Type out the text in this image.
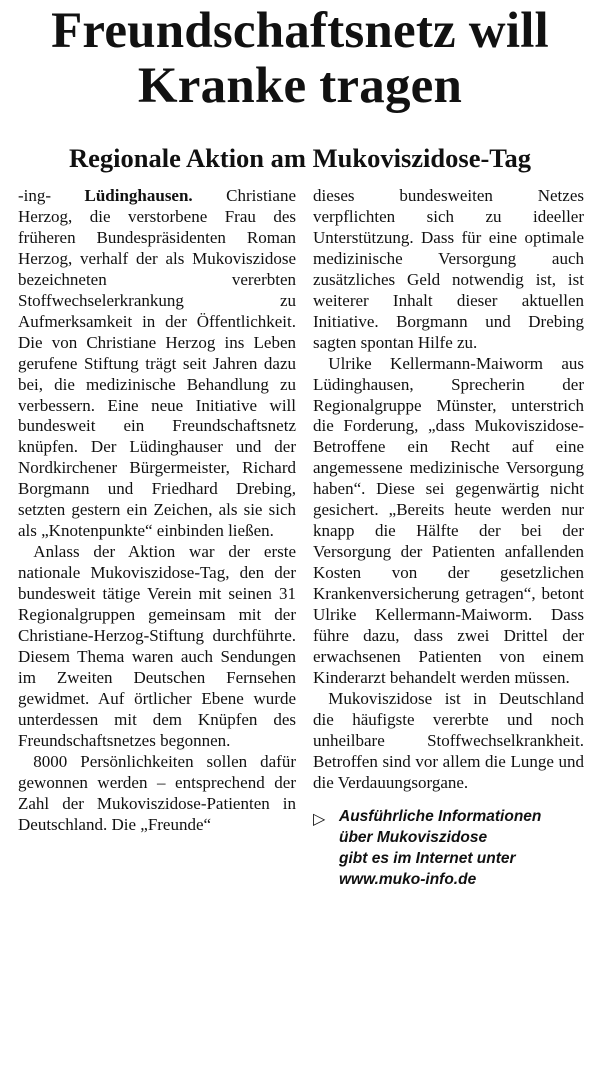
Freundschaftsnetz will Kranke tragen
Regionale Aktion am Mukoviszidose-Tag

-ing- Lüdinghausen. Christiane Herzog, die verstorbene Frau des früheren Bundespräsidenten Roman Herzog, verhalf der als Mukoviszidose bezeichneten vererbten Stoffwechselerkrankung zu Aufmerksamkeit in der Öffentlichkeit. Die von Christiane Herzog ins Leben gerufene Stiftung trägt seit Jahren dazu bei, die medizinische Behandlung zu verbessern. Eine neue Initiative will bundesweit ein Freundschaftsnetz knüpfen. Der Lüdinghauser und der Nordkirchener Bürgermeister, Richard Borgmann und Friedhard Drebing, setzten gestern ein Zeichen, als sie sich als „Knotenpunkte“ einbinden ließen.

Anlass der Aktion war der erste nationale Mukoviszidose-Tag, den der bundesweit tätige Verein mit seinen 31 Regionalgruppen gemeinsam mit der Christiane-Herzog-Stiftung durchführte. Diesem Thema waren auch Sendungen im Zweiten Deutschen Fernsehen gewidmet. Auf örtlicher Ebene wurde unterdessen mit dem Knüpfen des Freundschaftsnetzes begonnen.

8000 Persönlichkeiten sollen dafür gewonnen werden – entsprechend der Zahl der Mukoviszidose-Patienten in Deutschland. Die „Freunde“

dieses bundesweiten Netzes verpflichten sich zu ideeller Unterstützung. Dass für eine optimale medizinische Versorgung auch zusätzliches Geld notwendig ist, ist weiterer Inhalt dieser aktuellen Initiative. Borgmann und Drebing sagten spontan Hilfe zu.

Ulrike Kellermann-Maiworm aus Lüdinghausen, Sprecherin der Regionalgruppe Münster, unterstrich die Forderung, „dass Mukoviszidose-Betroffene ein Recht auf eine angemessene medizinische Versorgung haben“. Diese sei gegenwärtig nicht gesichert. „Bereits heute werden nur knapp die Hälfte der bei der Versorgung der Patienten anfallenden Kosten von der gesetzlichen Krankenversicherung getragen“, betont Ulrike Kellermann-Maiworm. Dass führe dazu, dass zwei Drittel der erwachsenen Patienten von einem Kinderarzt behandelt werden müssen.

Mukoviszidose ist in Deutschland die häufigste vererbte und noch unheilbare Stoffwechselkrankheit. Betroffen sind vor allem die Lunge und die Verdauungsorgane.

▷ Ausführliche Informationen
über Mukoviszidose
gibt es im Internet unter
www.muko-info.de
